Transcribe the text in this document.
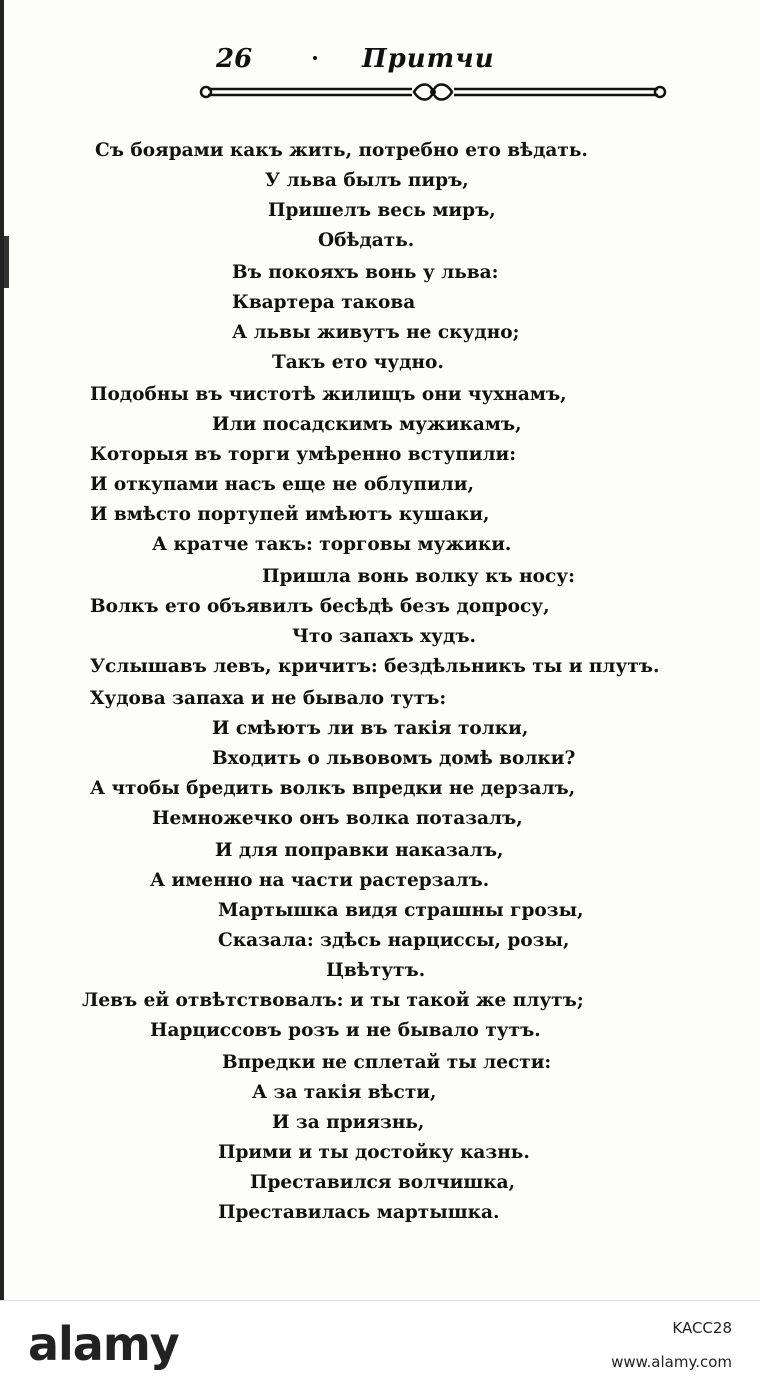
26	Притчи
Съ боярами какъ жить, потребно ето вѣдать.
У льва былъ пиръ,
Пришелъ весь миръ,
Обѣдать.
Въ покояхъ вонь у льва:
Квартера такова
А львы живутъ не скудно;
Такъ ето чудно.
Подобны въ чистотѣ жилищъ они чухнамъ,
Или посадскимъ мужикамъ,
Которыя въ торги умѣренно вступили:
И откупами насъ еще не облупили,
И вмѣсто портупей имѣютъ кушаки,
А кратче такъ: торговы мужики.
Пришла вонь волку къ носу:
Волкъ ето объявилъ бесѣдѣ безъ допросу,
Что запахъ худъ.
Услышавъ левъ, кричитъ: бездѣльникъ ты и плутъ.
Худова запаха и не бывало тутъ:
И смѣютъ ли въ такія толки,
Входить о львовомъ домѣ волки?
А чтобы бредить волкъ впредки не дерзалъ,
Немножечко онъ волка потазалъ,
И для поправки наказалъ,
А именно на части растерзалъ.
Мартышка видя страшны грозы,
Сказала: здѣсь нарциссы, розы,
Цвѣтутъ.
Левъ ей отвѣтствовалъ: и ты такой же плутъ;
Нарциссовъ розъ и не бывало тутъ.
Впредки не сплетай ты лести:
А за такія вѣсти,
И за приязнь,
Прими и ты достойку казнь.
Преставился волчишка,
Преставилась мартышка.
alamy	KACC28
www.alamy.com
